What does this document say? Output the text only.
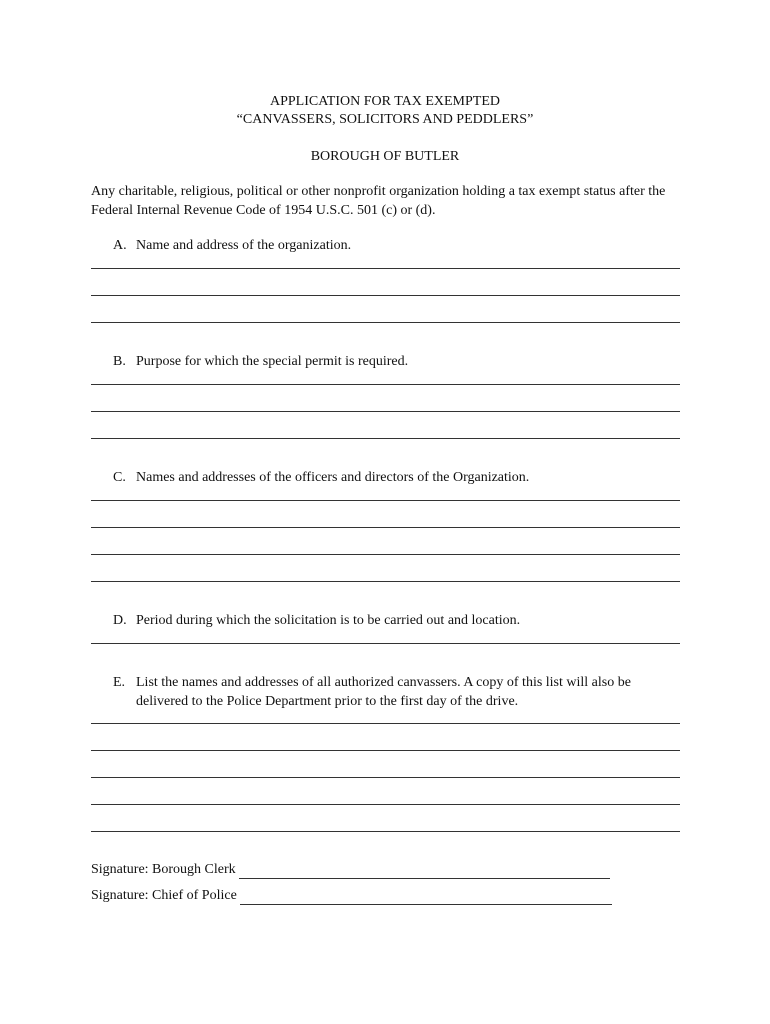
APPLICATION FOR TAX EXEMPTED
“CANVASSERS, SOLICITORS AND PEDDLERS”
BOROUGH OF BUTLER
Any charitable, religious, political or other nonprofit organization holding a tax exempt status after the Federal Internal Revenue Code of 1954 U.S.C. 501 (c) or (d).
A. Name and address of the organization.
B. Purpose for which the special permit is required.
C. Names and addresses of the officers and directors of the Organization.
D. Period during which the solicitation is to be carried out and location.
E. List the names and addresses of all authorized canvassers. A copy of this list will also be delivered to the Police Department prior to the first day of the drive.
Signature: Borough Clerk
Signature: Chief of Police
